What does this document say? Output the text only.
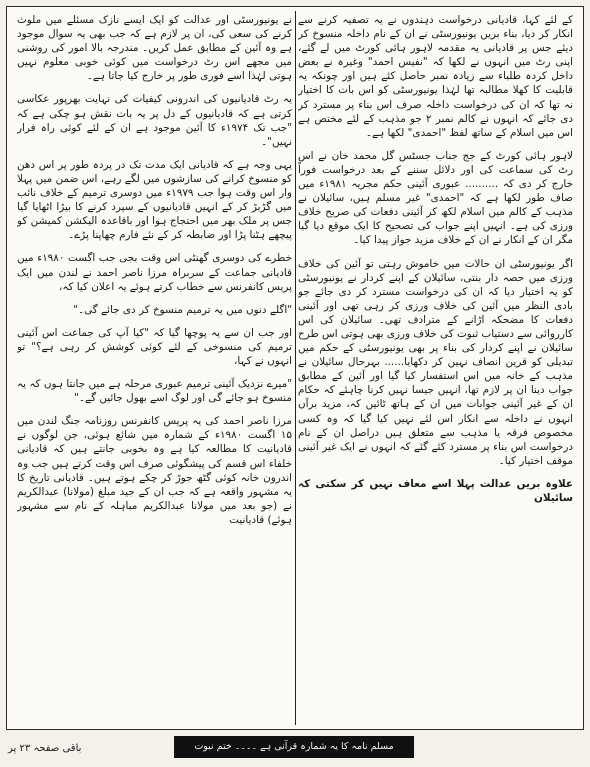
کے لئے کہا، قادیانی درخواست دہندوں نے یہ تصفیہ کرنے سے انکار کر دیا، بناء بریں یونیورسٹی نے ان کے نام داخلہ منسوخ کر دیئے جس پر قادیانی یہ مقدمہ لاہور ہائی کورٹ میں لے گئے، اپنی رٹ میں انہوں نے لکھا کہ "نفیس احمد" وغیرہ نے بعض داخل کردہ طلباء سے زیادہ نمبر حاصل کئے ہیں اور چونکہ یہ قابلیت کا کھلا مطالبہ تھا لہٰذا یونیورسٹی کو اس بات کا اختیار نہ تھا کہ ان کی درخواست داخلہ صرف اس بناء پر مسترد کر دی جائے کہ انہوں نے کالم نمبر ۲ جو مذہب کے لئے مختص ہے اس میں اسلام کے ساتھ لفظ "احمدی" لکھا ہے۔

لاہور ہائی کورٹ کے جج جناب جسٹس گل محمد خان نے اس رٹ کی سماعت کی اور دلائل سننے کے بعد درخواست فوراً خارج کر دی کہ .......... عبوری آئینی حکم مجریہ ۱۹۸۱ء میں صاف طور لکھا ہے کہ "احمدی" غیر مسلم ہیں، سائیلان نے مذہب کے کالم میں اسلام لکھ کر آئینی دفعات کی صریح خلاف ورزی کی ہے۔ انہیں اپنے جواب کی تصحیح کا ایک موقع دیا گیا مگر ان کے انکار نے ان کے خلاف مزید جواز پیدا کیا۔

اگر یونیورسٹی ان حالات میں خاموش رہتی تو آئین کی خلاف ورزی میں حصہ دار بنتی، سائیلان کے اپنے کردار نے یونیورسٹی کو یہ اختیار دیا کہ ان کی درخواست مسترد کر دی جائے جو بادی النظر میں آئین کی خلاف ورزی کر رہی تھی اور آئینی دفعات کا مضحکہ اڑانے کے مترادف تھی۔ سائیلان کی اس کارروائی سے دستیاب ثبوت کی خلاف ورزی بھی ہوتی اس طرح سائیلان نے اپنے کردار کی بناء پر بھی یونیورسٹی کے حکم میں تبدیلی کو قرین انصاف نہیں کر دکھایا...... بہرحال سائیلان نے مذہب کے خانہ میں اس استفسار کیا گیا اور آئین کے مطابق جواب دینا ان پر لازم تھا، انہیں جیسا نہیں کرنا چاہئے کہ حکام ان کے غیر آئینی جوابات میں ان کے ہاتھ ٹائیں کہ، مزید برآں انہوں نے داخلہ سے انکار اس لئے نہیں کیا گیا کہ وہ کسی مخصوص فرقہ یا مذہب سے متعلق ہیں دراصل ان کے نام درخواست اس بناء پر مسترد کئے گئے کہ انہوں نے ایک غیر آئینی موقف اختیار کیا۔

علاوہ بریں عدالت پہلا اسے معاف نہیں کر سکتی کہ سائیلان

نے یونیورسٹی اور عدالت کو ایک ایسے نازک مسئلے میں ملوث کرنے کی سعی کی، ان پر لازم ہے کہ جب بھی یہ سوال موجود ہے وہ آئین کے مطابق عمل کریں۔ مندرجہ بالا امور کی روشنی میں مجھے اس رٹ درخواست میں کوئی خوبی معلوم نہیں ہوتی لہٰذا اسے فوری طور پر خارج کیا جاتا ہے۔

یہ رٹ قادیانیوں کی اندرونی کیفیات کی نہایت بھرپور عکاسی کرتی ہے کہ قادیانیوں کے دل پر یہ بات نقش ہو چکی ہے کہ "جب تک ۱۹۷۴ء کا آئین موجود ہے ان کے لئے کوئی راہ فرار نہیں"۔

یہی وجہ ہے کہ قادیانی ایک مدت تک در پردہ طور پر اس دھن کو منسوخ کرانے کی سازشوں میں لگے رہے، اس ضمن میں پہلا وار اس وقت ہوا جب ۱۹۷۹ء میں دوسری ترمیم کے خلاف نائب میں گڑبڑ کر کے انہیں قادیانیوں کے سپرد کرنے کا بیڑا اٹھایا گیا جس پر ملک بھر میں احتجاج ہوا اور باقاعدہ الیکشن کمیشن کو پیچھے ہٹنا پڑا اور ضابطہ کر کے نئے فارم چھاپنا پڑے۔

خطرے کی دوسری گھنٹی اس وقت بجی جب اگست ۱۹۸۰ء میں قادیانی جماعت کے سربراہ مرزا ناصر احمد نے لندن میں ایک پریس کانفرنس سے خطاب کرتے ہوئے یہ اعلان کیا کہ،

"اگلے دنوں میں یہ ترمیم منسوخ کر دی جائے گی۔"

اور جب ان سے یہ پوچھا گیا کہ "کیا آپ کی جماعت اس آئینی ترمیم کی منسوخی کے لئے کوئی کوشش کر رہی ہے؟" تو انہوں نے کہا،

"میرے نزدیک آئینی ترمیم عبوری مرحلہ ہے میں جانتا ہوں کہ یہ منسوخ ہو جائے گی اور لوگ اسے بھول جائیں گے۔"

مرزا ناصر احمد کی یہ پریس کانفرنس روزنامہ جنگ لندن میں ۱۵ اگست ۱۹۸۰ء کے شمارہ میں شائع ہوئی، جن لوگوں نے قادیانیت کا مطالعہ کیا ہے وہ بخوبی جانتے ہیں کہ قادیانی خلفاء اس قسم کی پیشگوئی صرف اس وقت کرتے ہیں جب وہ اندرون خانہ کوئی گٹھ جوڑ کر چکے ہوتے ہیں۔ قادیانی تاریخ کا یہ مشہور واقعہ ہے کہ جب ان کے جید مبلغ (مولانا) عبدالکریم نے (جو بعد میں مولانا عبدالکریم مباہلہ کے نام سے مشہور ہوئے) قادیانیت

باقی صفحہ ۲۳ پر	مسلم نامہ کا یہ شمارہ قرآنی ہے ۔۔۔۔ ختم نبوت
